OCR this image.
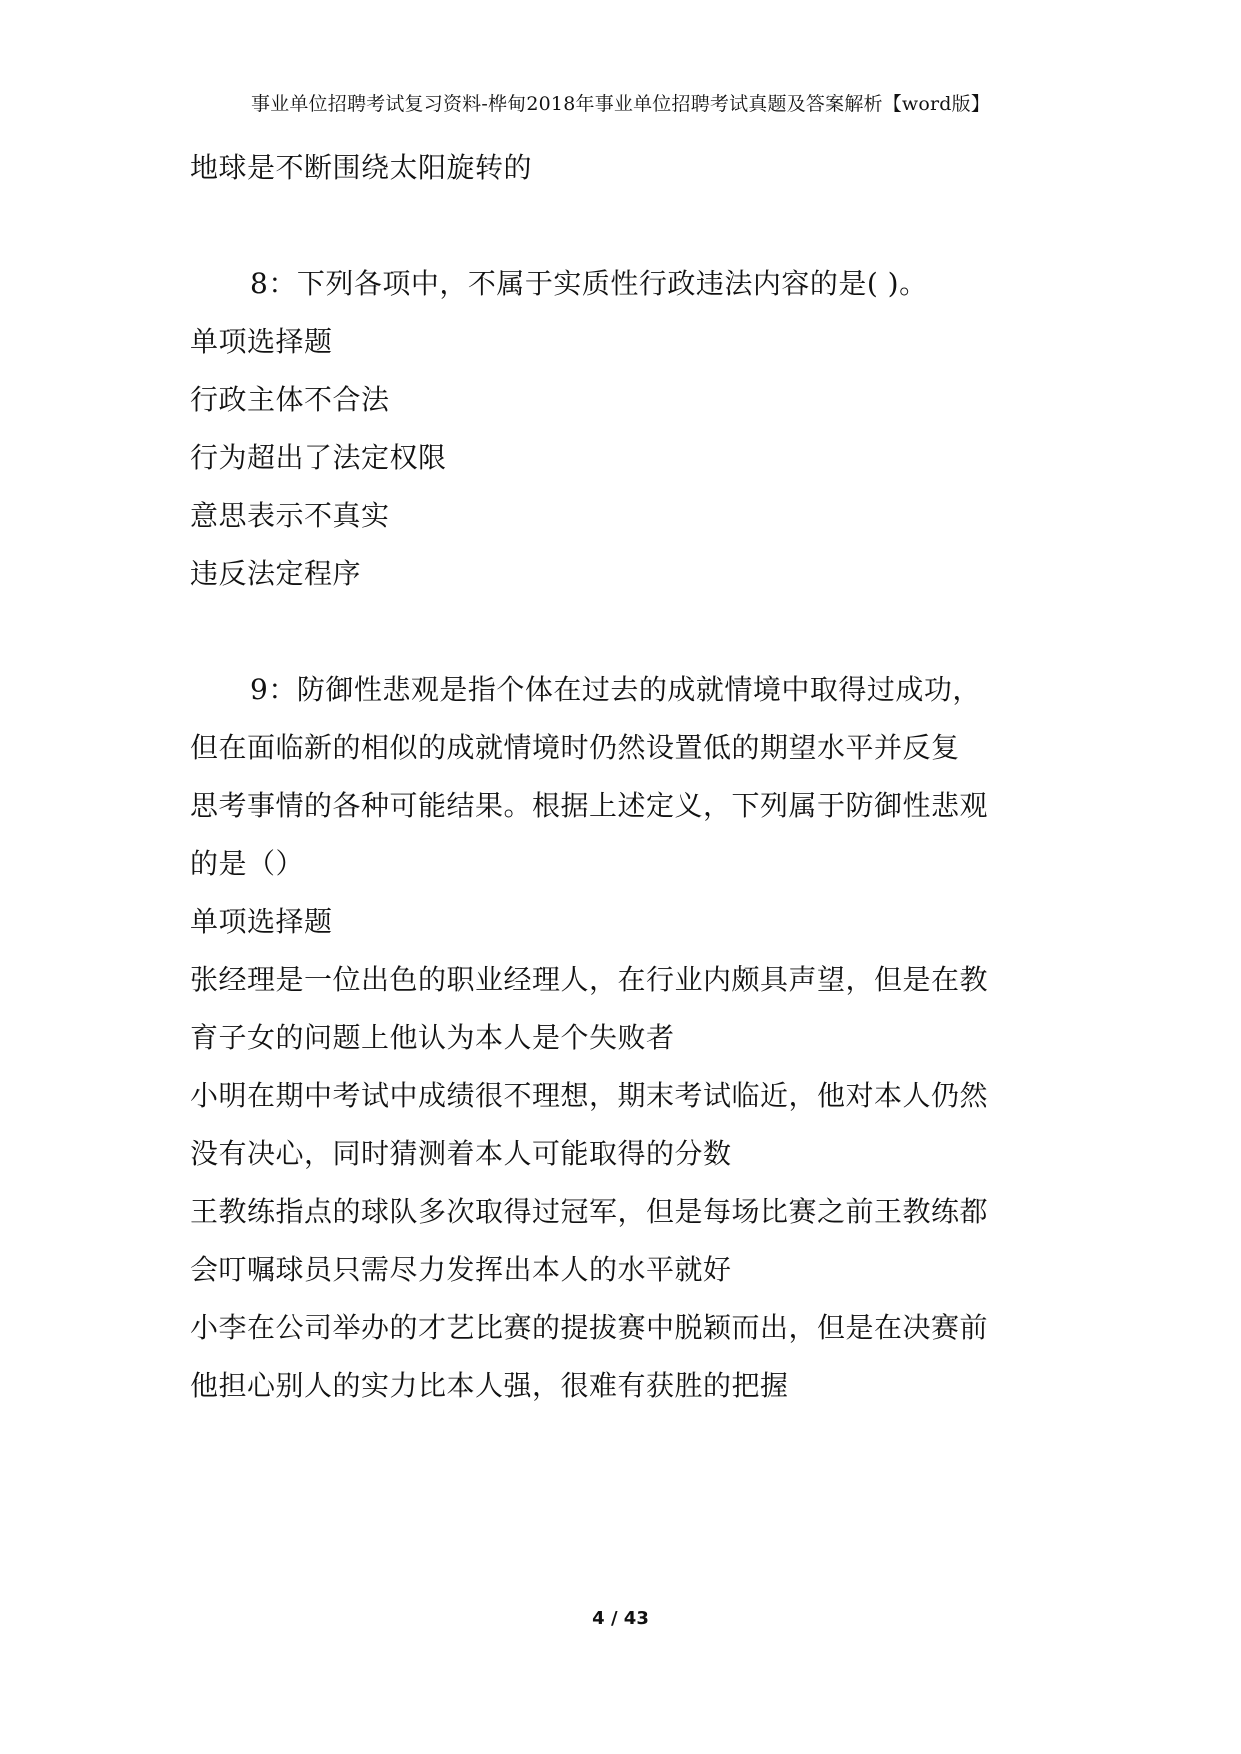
事业单位招聘考试复习资料-桦甸2018年事业单位招聘考试真题及答案解析【word版】
地球是不断围绕太阳旋转的
8：下列各项中，不属于实质性行政违法内容的是( )。
单项选择题
行政主体不合法
行为超出了法定权限
意思表示不真实
违反法定程序
9：防御性悲观是指个体在过去的成就情境中取得过成功，
但在面临新的相似的成就情境时仍然设置低的期望水平并反复
思考事情的各种可能结果。根据上述定义，下列属于防御性悲观
的是（）
单项选择题
张经理是一位出色的职业经理人，在行业内颇具声望，但是在教
育子女的问题上他认为本人是个失败者
小明在期中考试中成绩很不理想，期末考试临近，他对本人仍然
没有决心，同时猜测着本人可能取得的分数
王教练指点的球队多次取得过冠军，但是每场比赛之前王教练都
会叮嘱球员只需尽力发挥出本人的水平就好
小李在公司举办的才艺比赛的提拔赛中脱颖而出，但是在决赛前
他担心别人的实力比本人强，很难有获胜的把握
4 / 43
